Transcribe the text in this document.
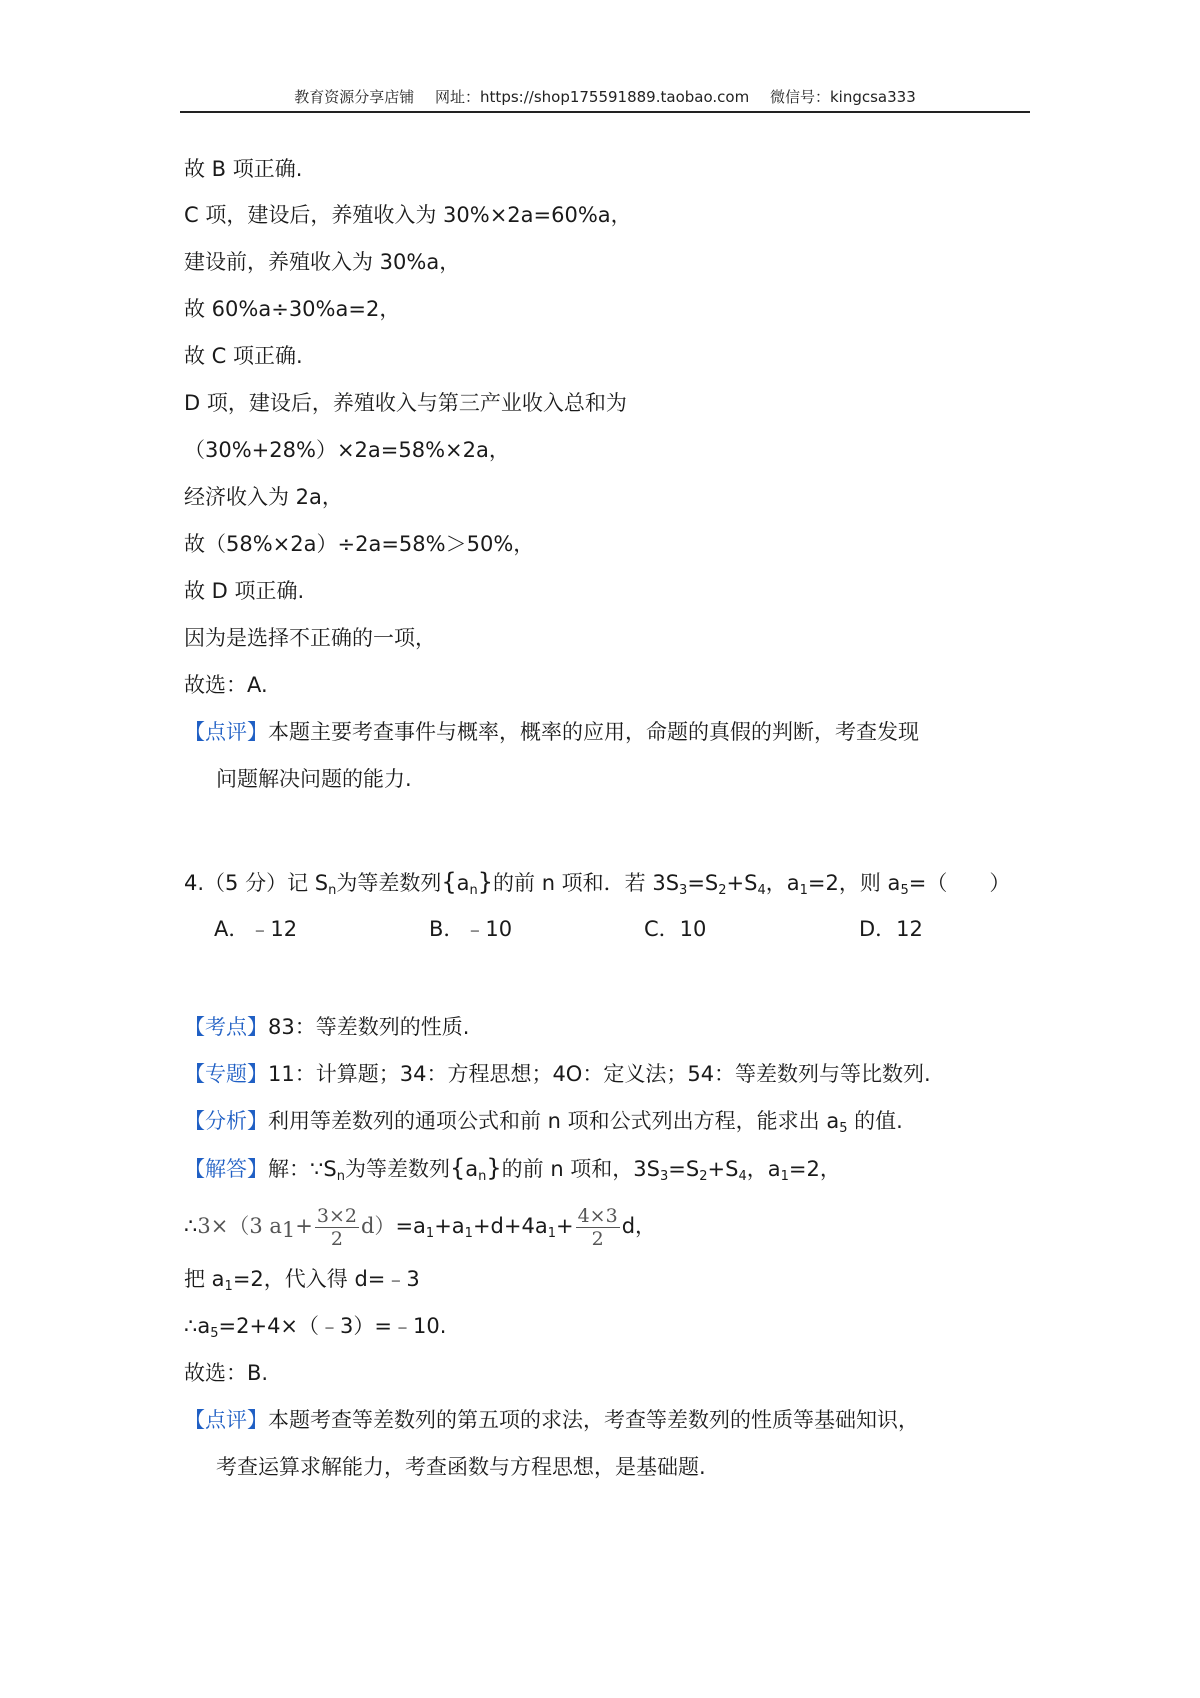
教育资源分享店铺 网址：https://shop175591889.taobao.com 微信号：kingcsa333
故 B 项正确.
C 项，建设后，养殖收入为 30%×2a=60%a，
建设前，养殖收入为 30%a，
故 60%a÷30%a=2，
故 C 项正确.
D 项，建设后，养殖收入与第三产业收入总和为
（30%+28%）×2a=58%×2a，
经济收入为 2a，
故（58%×2a）÷2a=58%＞50%，
故 D 项正确.
因为是选择不正确的一项，
故选：A.
【点评】本题主要考查事件与概率，概率的应用，命题的真假的判断，考查发现
问题解决问题的能力.
4.（5 分）记 $S_n$为等差数列$\{a_n\}$的前 n 项和．若 $3S_3=S_2+S_4$，$a_1=2$，则 $a_5=$（　　）
A．﹣12	B．﹣10	C．10	D．12
【考点】83：等差数列的性质.
【专题】11：计算题；34：方程思想；4O：定义法；54：等差数列与等比数列.
【分析】利用等差数列的通项公式和前 n 项和公式列出方程，能求出 $a_5$ 的值.
【解答】解：$\because S_n$为等差数列$\{a_n\}$的前 n 项和，$3S_3=S_2+S_4$，$a_1=2$，
∴3×（3 $a_1+ \frac{3\times 2}{2} d)=a_1+a_1+d+4a_1+ \frac{4\times 3}{2}$ d，
把 $a_1=2$，代入得 d=﹣3
$\therefore a_5=2+4\times(﹣3)=﹣10$.
故选：B.
【点评】本题考查等差数列的第五项的求法，考查等差数列的性质等基础知识，
考查运算求解能力，考查函数与方程思想，是基础题.
